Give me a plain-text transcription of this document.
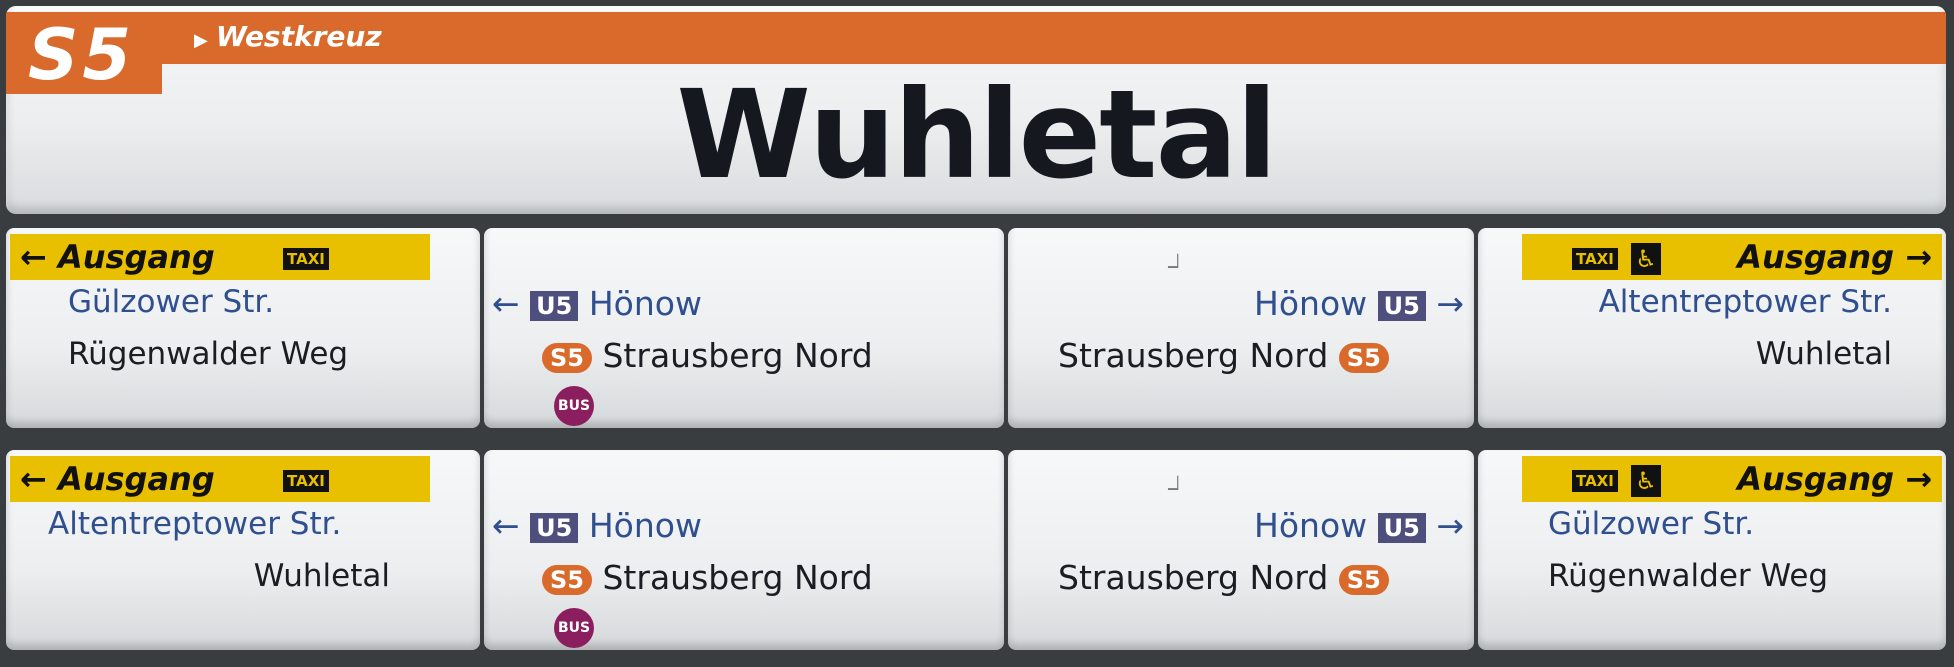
S5	▶ Westkreuz
Wuhletal
← Ausgang	TAXI
Gülzower Str.
Rügenwalder Weg
← U5 Hönow
S5 Strausberg Nord
BUS
▁▏
Hönow U5 →
Strausberg Nord S5
TAXI ♿	Ausgang →
Altentreptower Str.
Wuhletal
← Ausgang	TAXI
Altentreptower Str.
Wuhletal
← U5 Hönow
S5 Strausberg Nord
BUS
▁▏
Hönow U5 →
Strausberg Nord S5
TAXI ♿	Ausgang →
Gülzower Str.
Rügenwalder Weg
